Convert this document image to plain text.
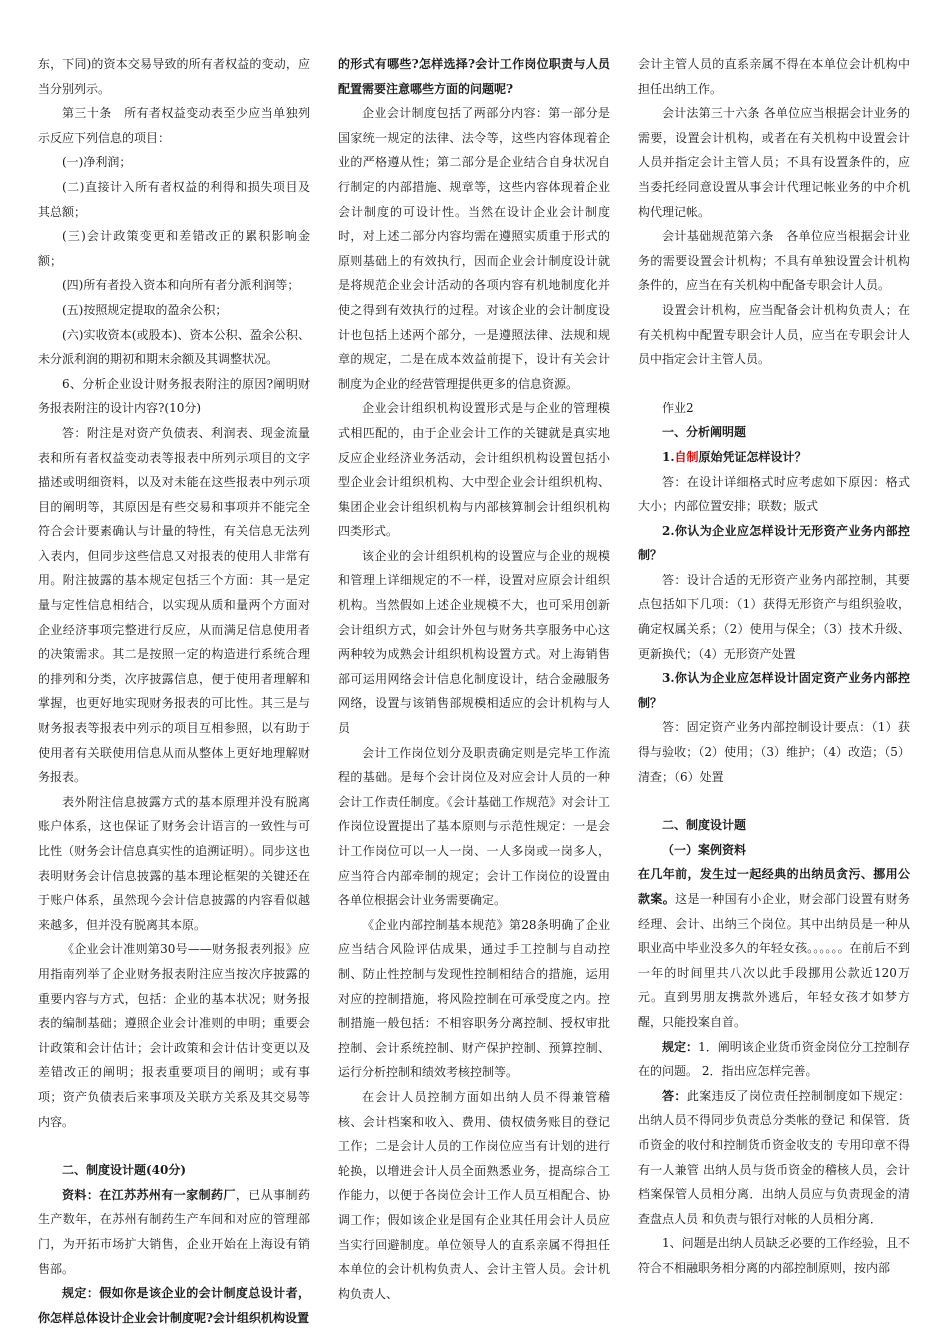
东，下同)的资本交易导致的所有者权益的变动，应当分别列示。

第三十条　所有者权益变动表至少应当单独列示反应下列信息的项目：

(一)净利润；

(二)直接计入所有者权益的利得和损失项目及其总额；

(三)会计政策变更和差错改正的累积影响金额；

(四)所有者投入资本和向所有者分派利润等；

(五)按照规定提取的盈余公积；

(六)实收资本(或股本)、资本公积、盈余公积、未分派利润的期初和期末余额及其调整状况。

6、分析企业设计财务报表附注的原因?阐明财务报表附注的设计内容?(10分)

答：附注是对资产负债表、利润表、现金流量表和所有者权益变动表等报表中所列示项目的文字描述或明细资料，以及对未能在这些报表中列示项目的阐明等，其原因是有些交易和事项并不能完全符合会计要素确认与计量的特性，有关信息无法列入表内，但同步这些信息又对报表的使用人非常有用。附注披露的基本规定包括三个方面：其一是定量与定性信息相结合，以实现从质和量两个方面对企业经济事项完整进行反应，从而满足信息使用者的决策需求。其二是按照一定的构造进行系统合理的排列和分类，次序披露信息，便于使用者理解和掌握，也更好地实现财务报表的可比性。其三是与财务报表等报表中列示的项目互相参照，以有助于使用者有关联使用信息从而从整体上更好地理解财务报表。

表外附注信息披露方式的基本原理并没有脱离账户体系，这也保证了财务会计语言的一致性与可比性（财务会计信息真实性的追溯证明）。同步这也表明财务会计信息披露的基本理论框架的关键还在于账户体系，虽然现今会计信息披露的内容看似越来越多，但并没有脱离其本原。

《企业会计准则第30号——财务报表列报》应用指南列举了企业财务报表附注应当按次序披露的重要内容与方式，包括：企业的基本状况；财务报表的编制基础；遵照企业会计准则的申明；重要会计政策和会计估计；会计政策和会计估计变更以及差错改正的阐明；报表重要项目的阐明；或有事项；资产负债表后来事项及关联方关系及其交易等内容。

二、制度设计题(40分)

资料：在江苏苏州有一家制药厂，已从事制药生产数年，在苏州有制药生产车间和对应的管理部门，为开拓市场扩大销售，企业开始在上海设有销售部。

规定：假如你是该企业的会计制度总设计者，你怎样总体设计企业会计制度呢?会计组织机构设置

的形式有哪些?怎样选择?会计工作岗位职责与人员配置需要注意哪些方面的问题呢?

企业会计制度包括了两部分内容：第一部分是国家统一规定的法律、法令等，这些内容体现着企业的严格遵从性；第二部分是企业结合自身状况自行制定的内部措施、规章等，这些内容体现着企业会计制度的可设计性。当然在设计企业会计制度时，对上述二部分内容均需在遵照实质重于形式的原则基础上的有效执行，因而企业会计制度设计就是将规范企业会计活动的各项内容有机地制度化并使之得到有效执行的过程。对该企业的会计制度设计也包括上述两个部分，一是遵照法律、法规和规章的规定，二是在成本效益前提下，设计有关会计制度为企业的经营管理提供更多的信息资源。

企业会计组织机构设置形式是与企业的管理模式相匹配的，由于企业会计工作的关键就是真实地反应企业经济业务活动，会计组织机构设置包括小型企业会计组织机构、大中型企业会计组织机构、集团企业会计组织机构与内部核算制会计组织机构四类形式。

该企业的会计组织机构的设置应与企业的规模和管理上详细规定的不一样，设置对应原会计组织机构。当然假如上述企业规模不大，也可采用创新会计组织方式，如会计外包与财务共享服务中心这两种较为成熟会计组织机构设置方式。对上海销售部可运用网络会计信息化制度设计，结合金融服务网络，设置与该销售部规模相适应的会计机构与人员

会计工作岗位划分及职责确定则是完毕工作流程的基础。是每个会计岗位及对应会计人员的一种会计工作责任制度。《会计基础工作规范》对会计工作岗位设置提出了基本原则与示范性规定：一是会计工作岗位可以一人一岗、一人多岗或一岗多人，应当符合内部牵制的规定；会计工作岗位的设置由各单位根据会计业务需要确定。

《企业内部控制基本规范》第28条明确了企业应当结合风险评估成果，通过手工控制与自动控制、防止性控制与发现性控制相结合的措施，运用对应的控制措施，将风险控制在可承受度之内。控制措施一般包括：不相容职务分离控制、授权审批控制、会计系统控制、财产保护控制、预算控制、运行分析控制和绩效考核控制等。

在会计人员控制方面如出纳人员不得兼管稽核、会计档案和收入、费用、债权债务账目的登记工作；二是会计人员的工作岗位应当有计划的进行轮换，以增进会计人员全面熟悉业务，提高综合工作能力，以便于各岗位会计工作人员互相配合、协调工作；假如该企业是国有企业其任用会计人员应当实行回避制度。单位领导人的直系亲属不得担任本单位的会计机构负责人、会计主管人员。会计机构负责人、

会计主管人员的直系亲属不得在本单位会计机构中担任出纳工作。

会计法第三十六条 各单位应当根据会计业务的需要，设置会计机构，或者在有关机构中设置会计人员并指定会计主管人员；不具有设置条件的，应当委托经同意设置从事会计代理记帐业务的中介机构代理记帐。

会计基础规范第六条　各单位应当根据会计业务的需要设置会计机构；不具有单独设置会计机构条件的，应当在有关机构中配备专职会计人员。

设置会计机构，应当配备会计机构负责人；在有关机构中配置专职会计人员，应当在专职会计人员中指定会计主管人员。

作业2

一、分析阐明题

1.自制原始凭证怎样设计？

答：在设计详细格式时应考虑如下原因：格式大小；内部位置安排；联数；版式

2.你认为企业应怎样设计无形资产业务内部控制？

答：设计合适的无形资产业务内部控制，其要点包括如下几项：（1）获得无形资产与组织验收，确定权属关系；（2）使用与保全；（3）技术升级、更新换代；（4）无形资产处置

3.你认为企业应怎样设计固定资产业务内部控制？

答：固定资产业务内部控制设计要点：（1）获得与验收；（2）使用；（3）维护；（4）改造；（5）清查；（6）处置

二、制度设计题

（一）案例资料

在几年前，发生过一起经典的出纳员贪污、挪用公款案。这是一种国有小企业，财会部门设置有财务经理、会计、出纳三个岗位。其中出纳员是一种从职业高中毕业没多久的年轻女孩。。。。。。在前后不到一年的时间里共八次以此手段挪用公款近120万元。直到男朋友携款外逃后，年轻女孩才如梦方醒，只能投案自首。

规定：1．阐明该企业货币资金岗位分工控制存在的问题。 2．指出应怎样完善。

答：此案违反了岗位责任控制制度如下规定：出纳人员不得同步负责总分类帐的登记 和保管．货币资金的收付和控制货币资金收支的 专用印章不得有一人兼管 出纳人员与货币资金的稽核人员，会计档案保管人员相分离．出纳人员应与负责现金的清查盘点人员 和负责与银行对帐的人员相分离．

1、问题是出纳人员缺乏必要的工作经验，且不符合不相融职务相分离的内部控制原则，按内部
